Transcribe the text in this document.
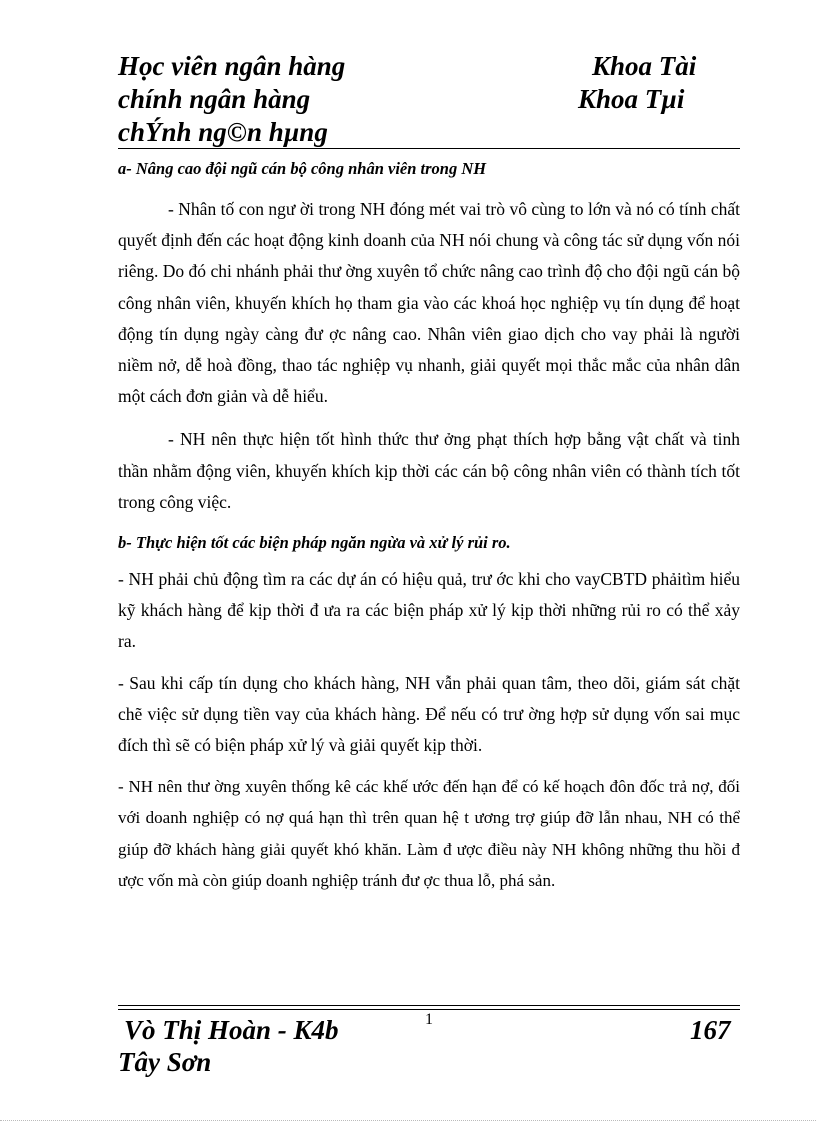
Học viên ngân hàng	Khoa Tài
chính ngân hàng	Khoa Tµi
chÝnh ng©n hµng

a- Nâng cao đội ngũ cán bộ công nhân viên trong NH

- Nhân tố con ngư ời trong NH đóng mét vai trò vô cùng to lớn và nó có tính chất quyết định đến các hoạt động kinh doanh của NH nói chung và công tác sử dụng vốn nói riêng. Do đó chi nhánh phải thư ờng xuyên tổ chức nâng cao trình độ cho đội ngũ cán bộ công nhân viên, khuyến khích họ tham gia vào các khoá học nghiệp vụ tín dụng để hoạt động tín dụng ngày càng đư ợc nâng cao. Nhân viên giao dịch cho vay phải là người niềm nở, dễ hoà đồng, thao tác nghiệp vụ nhanh, giải quyết mọi thắc mắc của nhân dân một cách đơn giản và dễ hiểu.

- NH nên thực hiện tốt hình thức thư ởng phạt thích hợp bằng vật chất và tinh thần nhằm động viên, khuyến khích kịp thời các cán bộ công nhân viên có thành tích tốt trong công việc.

b- Thực hiện tốt các biện pháp ngăn ngừa và xử lý rủi ro.

- NH phải chủ động tìm ra các dự án có hiệu quả, trư ớc khi cho vayCBTD phảitìm hiểu kỹ khách hàng để kịp thời đ ưa ra các biện pháp xử lý kịp thời những rủi ro có thể xảy ra.

- Sau khi cấp tín dụng cho khách hàng, NH vẫn phải quan tâm, theo dõi, giám sát chặt chẽ việc sử dụng tiền vay của khách hàng. Để nếu có trư ờng hợp sử dụng vốn sai mục đích thì sẽ có biện pháp xử lý và giải quyết kịp thời.

- NH nên thư ờng xuyên thống kê các khế ước đến hạn để có kế hoạch đôn đốc trả nợ, đối với doanh nghiệp có nợ quá hạn thì trên quan hệ t ương trợ giúp đỡ lẫn nhau, NH có thể giúp đỡ khách hàng giải quyết khó khăn. Làm đ ược điều này NH không những thu hồi đ ược vốn mà còn giúp doanh nghiệp tránh đư ợc thua lỗ, phá sản.

Vò Thị Hoàn - K4b	1	167
Tây Sơn
